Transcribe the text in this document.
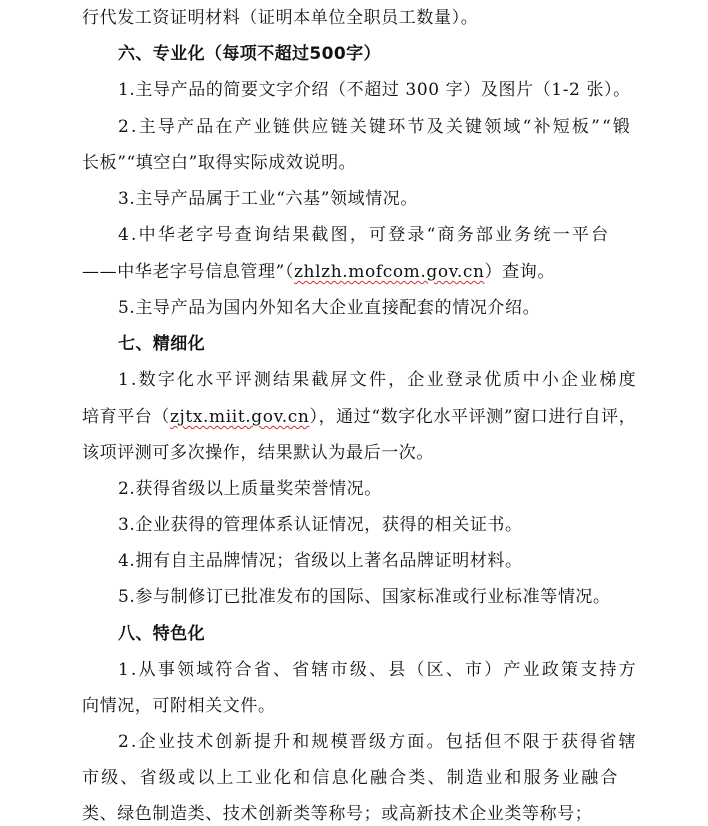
行代发工资证明材料（证明本单位全职员工数量）。
六、专业化（每项不超过500字）
1.主导产品的简要文字介绍（不超过 300 字）及图片（1-2 张）。
2.主导产品在产业链供应链关键环节及关键领域“补短板”“锻
长板”“填空白”取得实际成效说明。
3.主导产品属于工业“六基”领域情况。
4.中华老字号查询结果截图，可登录“商务部业务统一平台
——中华老字号信息管理”（zhlzh.mofcom.gov.cn）查询。
5.主导产品为国内外知名大企业直接配套的情况介绍。
七、精细化
1.数字化水平评测结果截屏文件，企业登录优质中小企业梯度
培育平台（zjtx.miit.gov.cn），通过“数字化水平评测”窗口进行自评，
该项评测可多次操作，结果默认为最后一次。
2.获得省级以上质量奖荣誉情况。
3.企业获得的管理体系认证情况，获得的相关证书。
4.拥有自主品牌情况；省级以上著名品牌证明材料。
5.参与制修订已批准发布的国际、国家标准或行业标准等情况。
八、特色化
1.从事领域符合省、省辖市级、县（区、市）产业政策支持方
向情况，可附相关文件。
2.企业技术创新提升和规模晋级方面。包括但不限于获得省辖
市级、省级或以上工业化和信息化融合类、制造业和服务业融合
类、绿色制造类、技术创新类等称号；或高新技术企业类等称号；
